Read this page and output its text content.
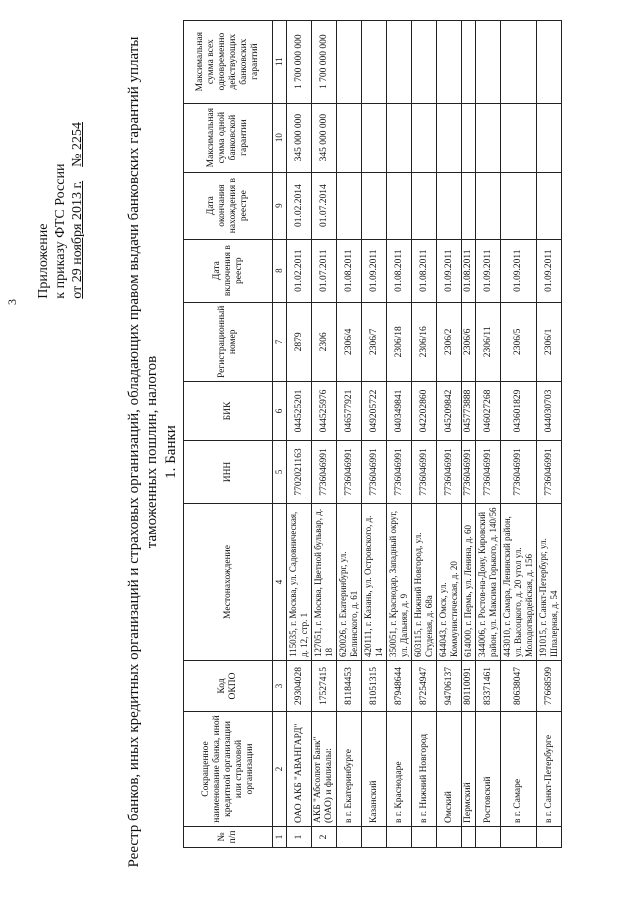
3
Приложение к приказу ФТС России от 29 ноября 2013 г.    № 2254	Реестр банков, иных кредитных организаций и страховых организаций, обладающих правом выдачи банковских гарантий уплаты таможенных пошлин, налогов 1. Банки
№ п/п	Сокращенное наименование банка, иной кредитной организации или страховой организации	Код ОКПО	Местонахождение	ИНН	БИК	Регистрационный номер	Дата включения в реестр	Дата окончания нахождения в реестре	Максимальная сумма одной банковской гарантии	Максимальная сумма всех одновременно действующих банковских гарантий
1	2	3	4	5	6	7	8	9	10	11
1	ОАО АКБ "АВАНГАРД"	29304028	115035, г. Москва, ул. Садовническая, д. 12, стр. 1	7702021163	044525201	2879	01.02.2011	01.02.2014	345 000 000	1 700 000 000
2	АКБ "Абсолют Банк" (ОАО) и филиалы:	17527415	127051, г. Москва, Цветной бульвар, д. 18	7736046991	044525976	2306	01.07.2011	01.07.2014	345 000 000	1 700 000 000
	в г. Екатеринбурге	81184453	620026, г. Екатеринбург, ул. Белинского, д. 61	7736046991	046577921	2306/4	01.08.2011			
	Казанский	81051315	420111, г. Казань, ул. Островского, д. 14	7736046991	049205722	2306/7	01.09.2011			
	в г. Краснодаре	87948644	350051, г. Краснодар, Западный округ, ул. Дальняя, д. 9	7736046991	040349841	2306/18	01.08.2011			
	в г. Нижний Новгород	87254947	603115, г. Нижний Новгород, ул. Студеная, д. 68а	7736046991	042202860	2306/16	01.08.2011			
	Омский	94706137	644043, г. Омск, ул. Коммунистическая, д. 20	7736046991	045209842	2306/2	01.09.2011			
	Пермский	80110091	614000, г. Пермь, ул. Ленина, д. 60	7736046991	045773888	2306/6	01.08.2011			
	Ростовский	83371461	344006, г. Ростов-на-Дону, Кировский район, ул. Максима Горького, д. 140/56	7736046991	046027268	2306/11	01.09.2011			
	в г. Самаре	80638047	443010, г. Самара, Ленинский район, ул. Высоцкого, д. 20 угол ул. Молодогвардейская, д. 156	7736046991	043601829	2306/5	01.09.2011			
	в г. Санкт-Петербурге	77668599	191015, г. Санкт-Петербург, ул. Шпалерная, д. 54	7736046991	044030703	2306/1	01.09.2011			
